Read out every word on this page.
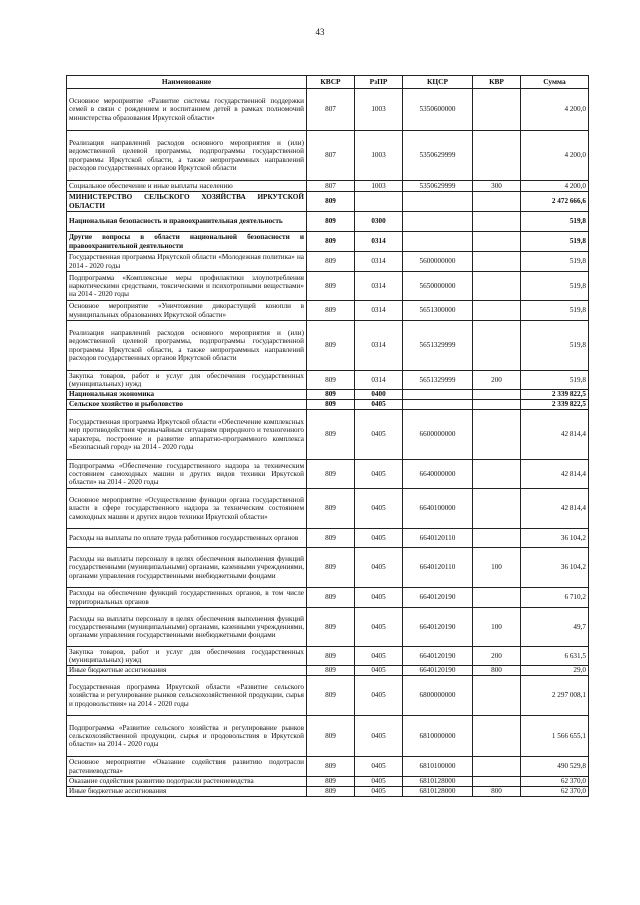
43
Наименование	КВСР	РзПР	КЦСР	КВР	Сумма
Основное мероприятие «Развитие системы государственной поддержки семей в связи с рождением и воспитанием детей в рамках полномочий министерства образования Иркутской области»	807	1003	5350600000		4 200,0
Реализация направлений расходов основного мероприятия и (или) ведомственной целевой программы, подпрограммы государственной программы Иркутской области, а также непрограммных направлений расходов государственных органов Иркутской области	807	1003	5350629999		4 200,0
Социальное обеспечение и иные выплаты населению	807	1003	5350629999	300	4 200,0
МИНИСТЕРСТВО СЕЛЬСКОГО ХОЗЯЙСТВА ИРКУТСКОЙ ОБЛАСТИ	809				2 472 666,6
Национальная безопасность и правоохранительная деятельность	809	0300			519,8
Другие вопросы в области национальной безопасности и правоохранительной деятельности	809	0314			519,8
Государственная программа Иркутской области «Молодежная политика» на 2014 - 2020 годы	809	0314	5600000000		519,8
Подпрограмма «Комплексные меры профилактики злоупотребления наркотическими средствами, токсическими и психотропными веществами» на 2014 - 2020 годы	809	0314	5650000000		519,8
Основное мероприятие «Уничтожение дикорастущей конопли в муниципальных образованиях Иркутской области»	809	0314	5651300000		519,8
Реализация направлений расходов основного мероприятия и (или) ведомственной целевой программы, подпрограммы государственной программы Иркутской области, а также непрограммных направлений расходов государственных органов Иркутской области	809	0314	5651329999		519,8
Закупка товаров, работ и услуг для обеспечения государственных (муниципальных) нужд	809	0314	5651329999	200	519,8
Национальная экономика	809	0400			2 339 822,5
Сельское хозяйство и рыболовство	809	0405			2 339 822,5
Государственная программа Иркутской области «Обеспечение комплексных мер противодействия чрезвычайным ситуациям природного и техногенного характера, построение и развитие аппаратно-программного комплекса «Безопасный город» на 2014 - 2020 годы	809	0405	6600000000		42 814,4
Подпрограмма «Обеспечение государственного надзора за техническим состоянием самоходных машин и других видов техники Иркутской области» на 2014 - 2020 годы	809	0405	6640000000		42 814,4
Основное мероприятие «Осуществление функции органа государственной власти в сфере государственного надзора за техническим состоянием самоходных машин и других видов техники Иркутской области»	809	0405	6640100000		42 814,4
Расходы на выплаты по оплате труда работников государственных органов	809	0405	6640120110		36 104,2
Расходы на выплаты персоналу в целях обеспечения выполнения функций государственными (муниципальными) органами, казенными учреждениями, органами управления государственными внебюджетными фондами	809	0405	6640120110	100	36 104,2
Расходы на обеспечение функций государственных органов, в том числе территориальных органов	809	0405	6640120190		6 710,2
Расходы на выплаты персоналу в целях обеспечения выполнения функций государственными (муниципальными) органами, казенными учреждениями, органами управления государственными внебюджетными фондами	809	0405	6640120190	100	49,7
Закупка товаров, работ и услуг для обеспечения государственных (муниципальных) нужд	809	0405	6640120190	200	6 631,5
Иные бюджетные ассигнования	809	0405	6640120190	800	29,0
Государственная программа Иркутской области «Развитие сельского хозяйства и регулирование рынков сельскохозяйственной продукции, сырья и продовольствия» на 2014 - 2020 годы	809	0405	6800000000		2 297 008,1
Подпрограмма «Развитие сельского хозяйства и регулирование рынков сельскохозяйственной продукции, сырья и продовольствия в Иркутской области» на 2014 - 2020 годы	809	0405	6810000000		1 566 655,1
Основное мероприятие «Оказание содействия развитию подотрасли растениеводства»	809	0405	6810100000		490 529,8
Оказание содействия развитию подотрасли растениеводства	809	0405	6810128000		62 370,0
Иные бюджетные ассигнования	809	0405	6810128000	800	62 370,0
